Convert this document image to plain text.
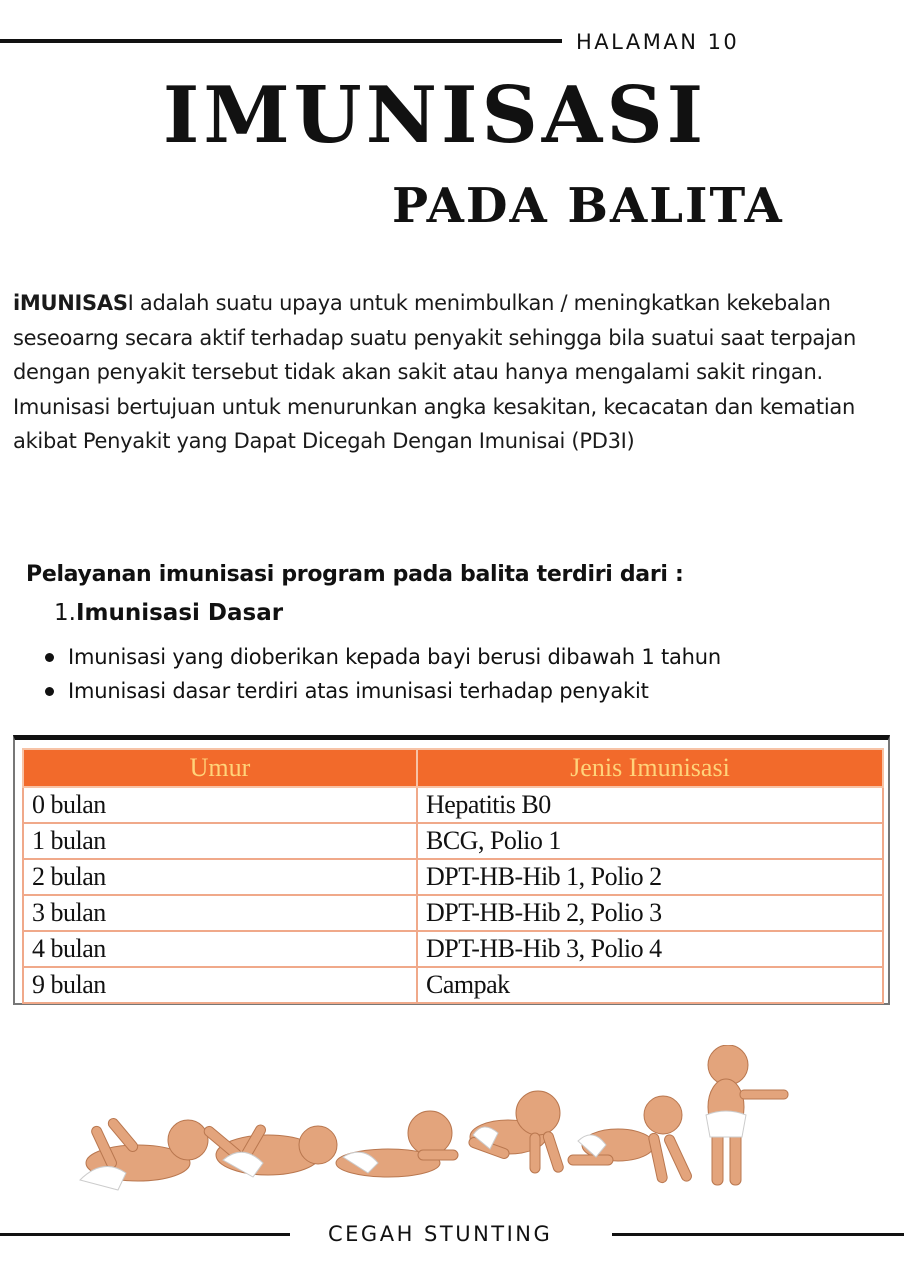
HALAMAN 10
IMUNISASI
PADA BALITA

iMUNISASI adalah suatu upaya untuk menimbulkan / meningkatkan kekebalan seseoarng secara aktif terhadap suatu penyakit sehingga bila suatui saat terpajan dengan penyakit tersebut tidak akan sakit atau hanya mengalami sakit ringan.

Imunisasi bertujuan untuk menurunkan angka kesakitan, kecacatan dan kematian akibat Penyakit yang Dapat Dicegah Dengan Imunisai (PD3I)

Pelayanan imunisasi program pada balita terdiri dari :
1.Imunisasi Dasar
Imunisasi yang dioberikan kepada bayi berusi dibawah 1 tahun
Imunisasi dasar terdiri atas imunisasi terhadap penyakit
Umur	Jenis Imunisasi
0 bulan	Hepatitis B0
1 bulan	BCG, Polio 1
2 bulan	DPT-HB-Hib 1, Polio 2
3 bulan	DPT-HB-Hib 2, Polio 3
4 bulan	DPT-HB-Hib 3, Polio 4
9 bulan	Campak
CEGAH STUNTING
